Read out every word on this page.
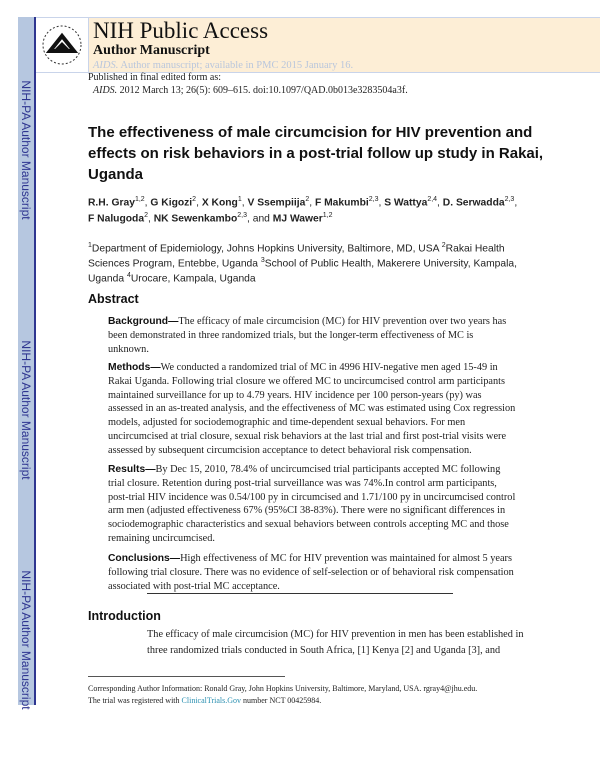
NIH-PA Author Manuscript
NIH-PA Author Manuscript
NIH-PA Author Manuscript
NIH Public Access
Author Manuscript
AIDS. Author manuscript; available in PMC 2015 January 16.
Published in final edited form as:
AIDS. 2012 March 13; 26(5): 609–615. doi:10.1097/QAD.0b013e3283504a3f.
The effectiveness of male circumcision for HIV prevention and
effects on risk behaviors in a post-trial follow up study in Rakai,
Uganda
R.H. Gray$^{1,2}$, G Kigozi$^2$, X Kong$^1$, V Ssempiija$^2$, F Makumbi$^{2,3}$, S Wattya$^{2,4}$, D. Serwadda$^{2,3}$,
F Nalugoda$^2$, NK Sewenkambo$^{2,3}$, and MJ Wawer$^{1,2}$
$^1$Department of Epidemiology, Johns Hopkins University, Baltimore, MD, USA $^2$Rakai Health
Sciences Program, Entebbe, Uganda $^3$School of Public Health, Makerere University, Kampala,
Uganda $^4$Urocare, Kampala, Uganda
Abstract
Background—The efficacy of male circumcision (MC) for HIV prevention over two years has
been demonstrated in three randomized trials, but the longer-term effectiveness of MC is
unknown.
Methods—We conducted a randomized trial of MC in 4996 HIV-negative men aged 15-49 in
Rakai Uganda. Following trial closure we offered MC to uncircumcised control arm participants
maintained surveillance for up to 4.79 years. HIV incidence per 100 person-years (py) was
assessed in an as-treated analysis, and the effectiveness of MC was estimated using Cox regression
models, adjusted for sociodemographic and time-dependent sexual behaviors. For men
uncircumcised at trial closure, sexual risk behaviors at the last trial and first post-trial visits were
assessed by subsequent circumcision acceptance to detect behavioral risk compensation.
Results—By Dec 15, 2010, 78.4% of uncircumcised trial participants accepted MC following
trial closure. Retention during post-trial surveillance was was 74%.In control arm participants,
post-trial HIV incidence was 0.54/100 py in circumcised and 1.71/100 py in uncircumcised control
arm men (adjusted effectiveness 67% (95%CI 38-83%). There were no significant differences in
sociodemographic characteristics and sexual behaviors between controls accepting MC and those
remaining uncircumcised.
Conclusions—High effectiveness of MC for HIV prevention was maintained for almost 5 years
following trial closure. There was no evidence of self-selection or of behavioral risk compensation
associated with post-trial MC acceptance.
Introduction
The efficacy of male circumcision (MC) for HIV prevention in men has been established in
three randomized trials conducted in South Africa, [1] Kenya [2] and Uganda [3], and
Corresponding Author Information: Ronald Gray, John Hopkins University, Baltimore, Maryland, USA. rgray4@jhu.edu.
The trial was registered with ClinicalTrials.Gov number NCT 00425984.
